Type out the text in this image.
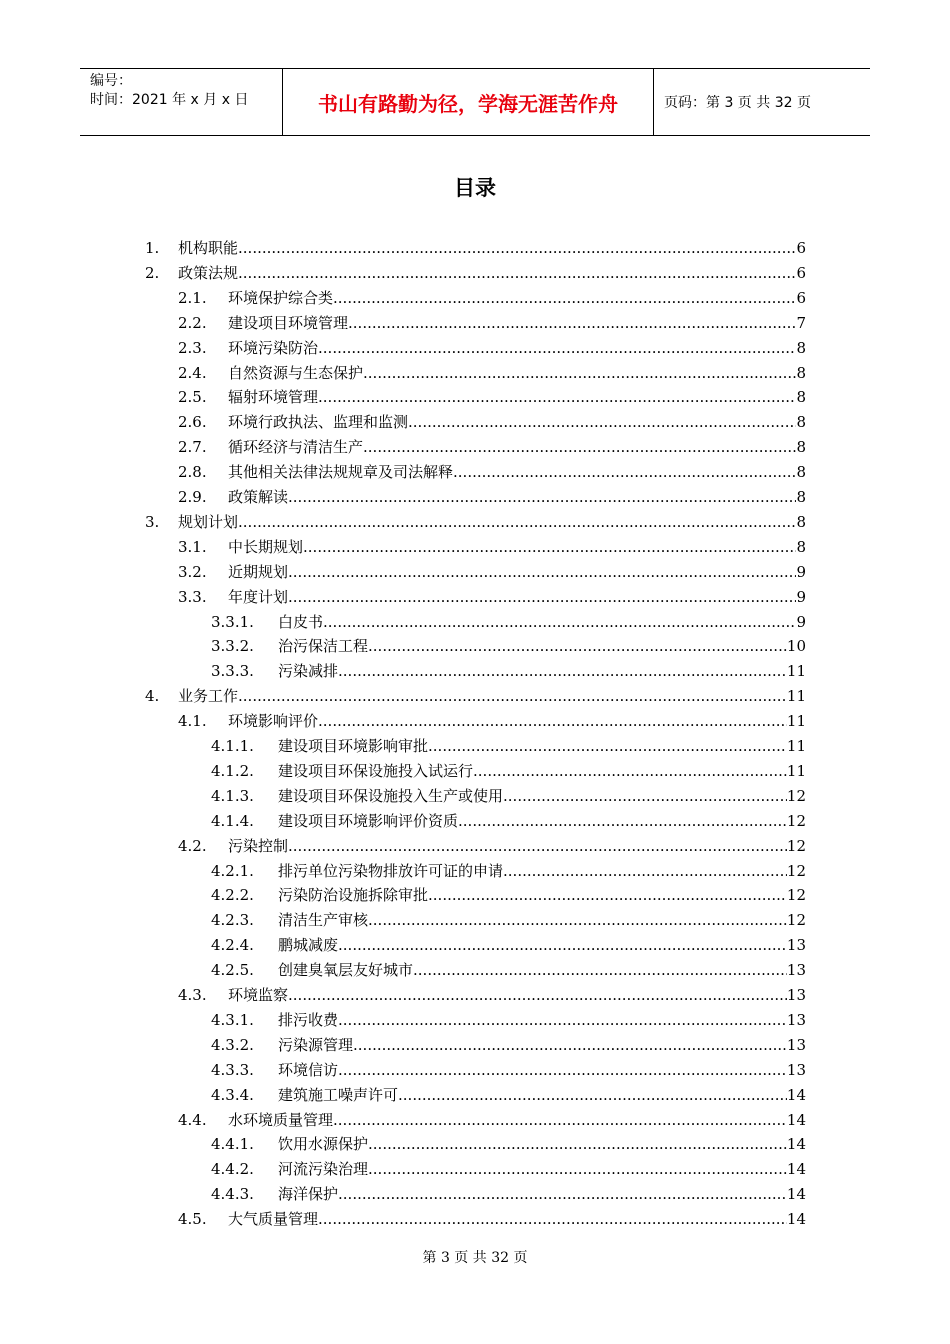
编号：
时间：2021 年 x 月 x 日	书山有路勤为径，学海无涯苦作舟	页码：第 3 页 共 32 页
目录
1. 机构职能 .....	6
2. 政策法规 .....	6
2.1. 环境保护综合类 .....	6
2.2. 建设项目环境管理 .....	7
2.3. 环境污染防治 .....	8
2.4. 自然资源与生态保护 .....	8
2.5. 辐射环境管理 .....	8
2.6. 环境行政执法、监理和监测 .....	8
2.7. 循环经济与清洁生产 .....	8
2.8. 其他相关法律法规规章及司法解释 .....	8
2.9. 政策解读 .....	8
3. 规划计划 .....	8
3.1. 中长期规划 .....	8
3.2. 近期规划 .....	9
3.3. 年度计划 .....	9
3.3.1. 白皮书 .....	9
3.3.2. 治污保洁工程 .....	10
3.3.3. 污染减排 .....	11
4. 业务工作 .....	11
4.1. 环境影响评价 .....	11
4.1.1. 建设项目环境影响审批 .....	11
4.1.2. 建设项目环保设施投入试运行 .....	11
4.1.3. 建设项目环保设施投入生产或使用 .....	12
4.1.4. 建设项目环境影响评价资质 .....	12
4.2. 污染控制 .....	12
4.2.1. 排污单位污染物排放许可证的申请 .....	12
4.2.2. 污染防治设施拆除审批 .....	12
4.2.3. 清洁生产审核 .....	12
4.2.4. 鹏城减废 .....	13
4.2.5. 创建臭氧层友好城市 .....	13
4.3. 环境监察 .....	13
4.3.1. 排污收费 .....	13
4.3.2. 污染源管理 .....	13
4.3.3. 环境信访 .....	13
4.3.4. 建筑施工噪声许可 .....	14
4.4. 水环境质量管理 .....	14
4.4.1. 饮用水源保护 .....	14
4.4.2. 河流污染治理 .....	14
4.4.3. 海洋保护 .....	14
4.5. 大气质量管理 .....	14
第 3 页 共 32 页
